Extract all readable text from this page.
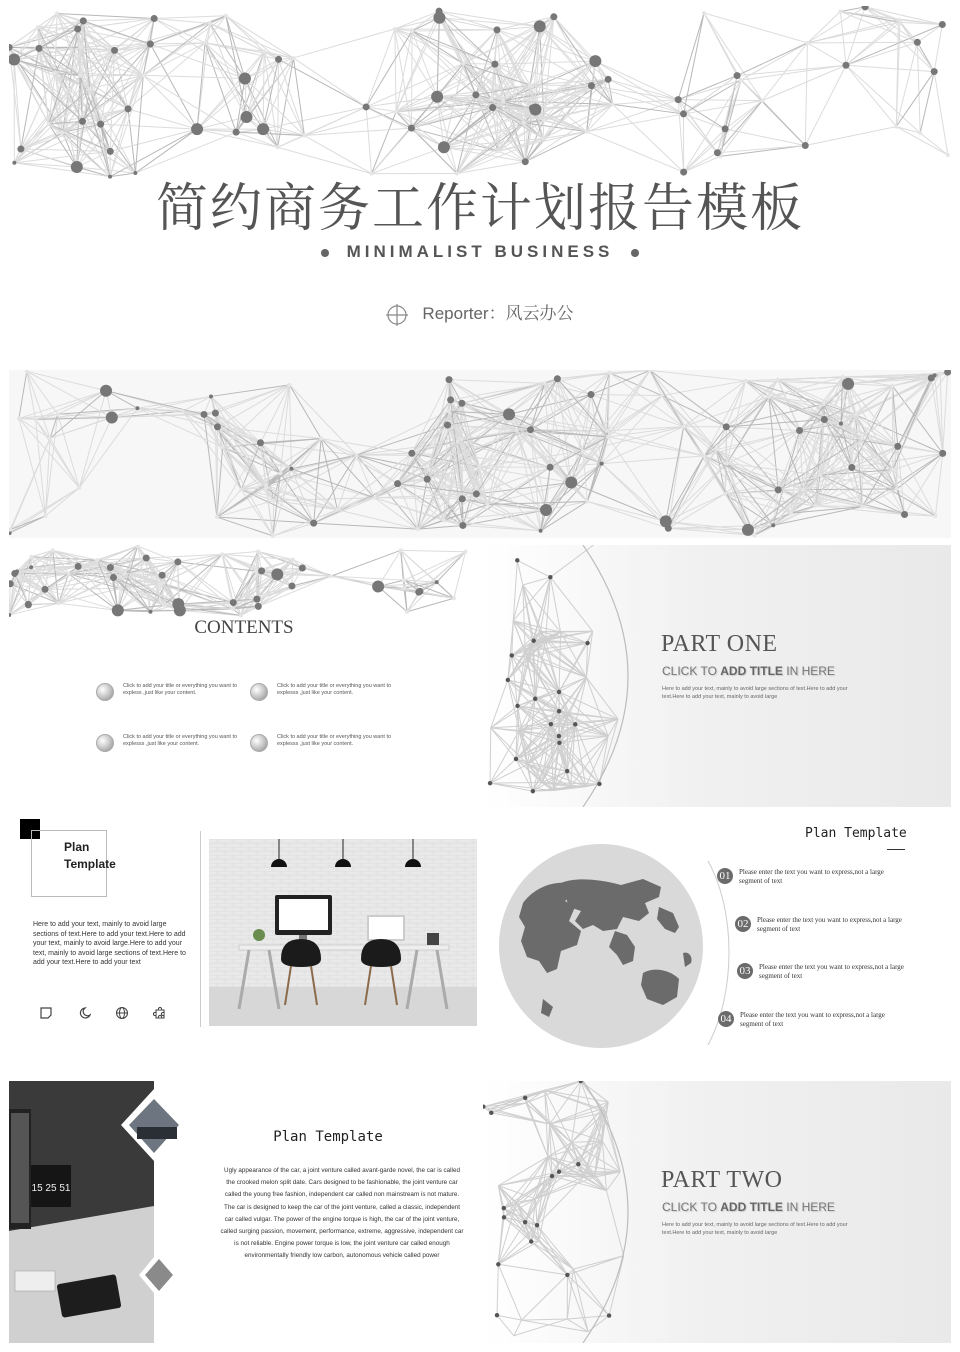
简约商务工作计划报告模板
MINIMALIST BUSINESS
Reporter：风云办公
CONTENTS
Click to add your title or everything you want to expless ,just like your content.
Click to add your title or everything you want to explesss ,just like your content.
Click to add your title or everything you want to explesss ,just like your content.
Click to add your title or everything you want to explesss ,just like your content.
PART ONE
CLICK TO ADD TITLE IN HERE
Here to add your text, mainly to avoid large sections of text.Here to add your text.Here to add your text, mainly to avoid large
Plan Template
Here to add your text, mainly to avoid large sections of text.Here to add your text.Here to add your text, mainly to avoid large.Here to add your text, mainly to avoid large sections of text.Here to add your text.Here to add your text
Plan Template
01	Please enter the text you want to express,not a large segment of text
02	Please enter the text you want to express,not a large segment of text
03	Please enter the text you want to express,not a large segment of text
04	Please enter the text you want to express,not a large segment of text
15 25 51
Plan Template
Ugly appearance of the car, a joint venture called avant-garde novel, the car is called the crooked melon split date. Cars designed to be fashionable, the joint venture car called the young free fashion, independent car called non mainstream is not mature. The car is designed to keep the car of the joint venture, called a classic, independent car called vulgar. The power of the engine torque is high, the car of the joint venture, called surging passion, movement, performance, extreme, aggressive, independent car is not reliable. Engine power torque is low, the joint venture car called enough environmentally friendly low carbon, autonomous vehicle called power
PART TWO
CLICK TO ADD TITLE IN HERE
Here to add your text, mainly to avoid large sections of text.Here to add your text.Here to add your text, mainly to avoid large
